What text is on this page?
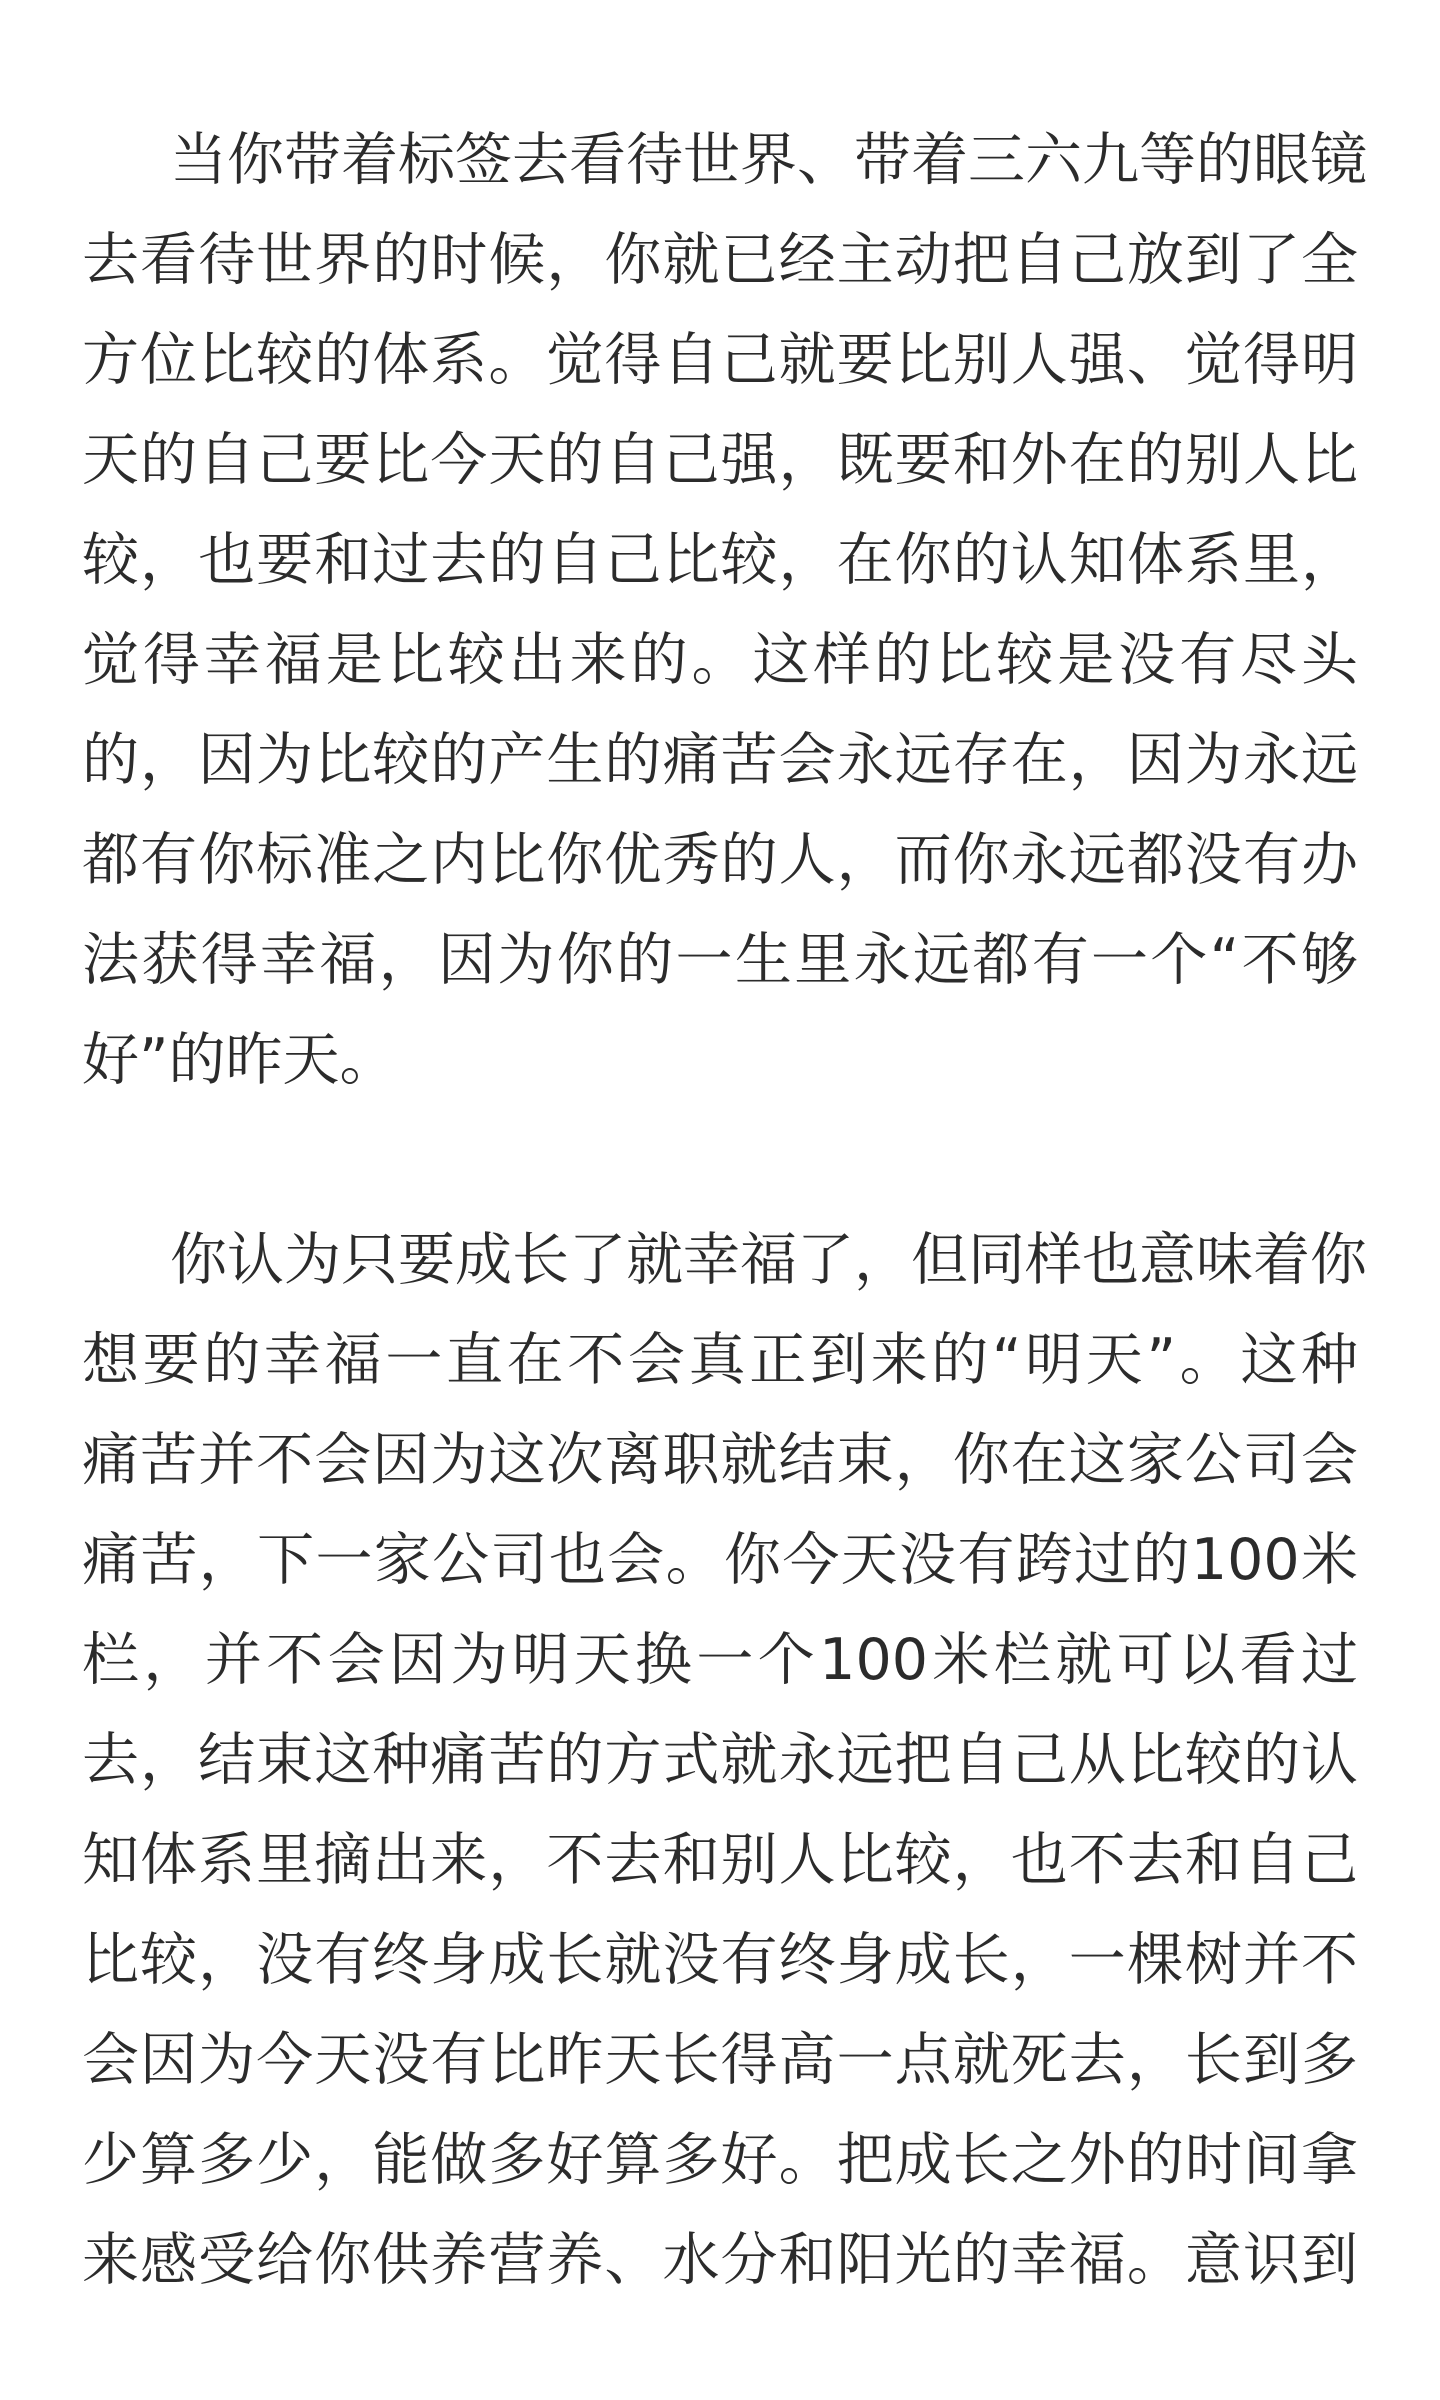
当你带着标签去看待世界、带着三六九等的眼镜
去看待世界的时候，你就已经主动把自己放到了全
方位比较的体系。觉得自己就要比别人强、觉得明
天的自己要比今天的自己强，既要和外在的别人比
较，也要和过去的自己比较，在你的认知体系里，
觉得幸福是比较出来的。这样的比较是没有尽头
的，因为比较的产生的痛苦会永远存在，因为永远
都有你标准之内比你优秀的人，而你永远都没有办
法获得幸福，因为你的一生里永远都有一个“不够
好”的昨天。
你认为只要成长了就幸福了，但同样也意味着你
想要的幸福一直在不会真正到来的“明天”。这种
痛苦并不会因为这次离职就结束，你在这家公司会
痛苦，下一家公司也会。你今天没有跨过的100米
栏，并不会因为明天换一个100米栏就可以看过
去，结束这种痛苦的方式就永远把自己从比较的认
知体系里摘出来，不去和别人比较，也不去和自己
比较，没有终身成长就没有终身成长，一棵树并不
会因为今天没有比昨天长得高一点就死去，长到多
少算多少，能做多好算多好。把成长之外的时间拿
来感受给你供养营养、水分和阳光的幸福。意识到
